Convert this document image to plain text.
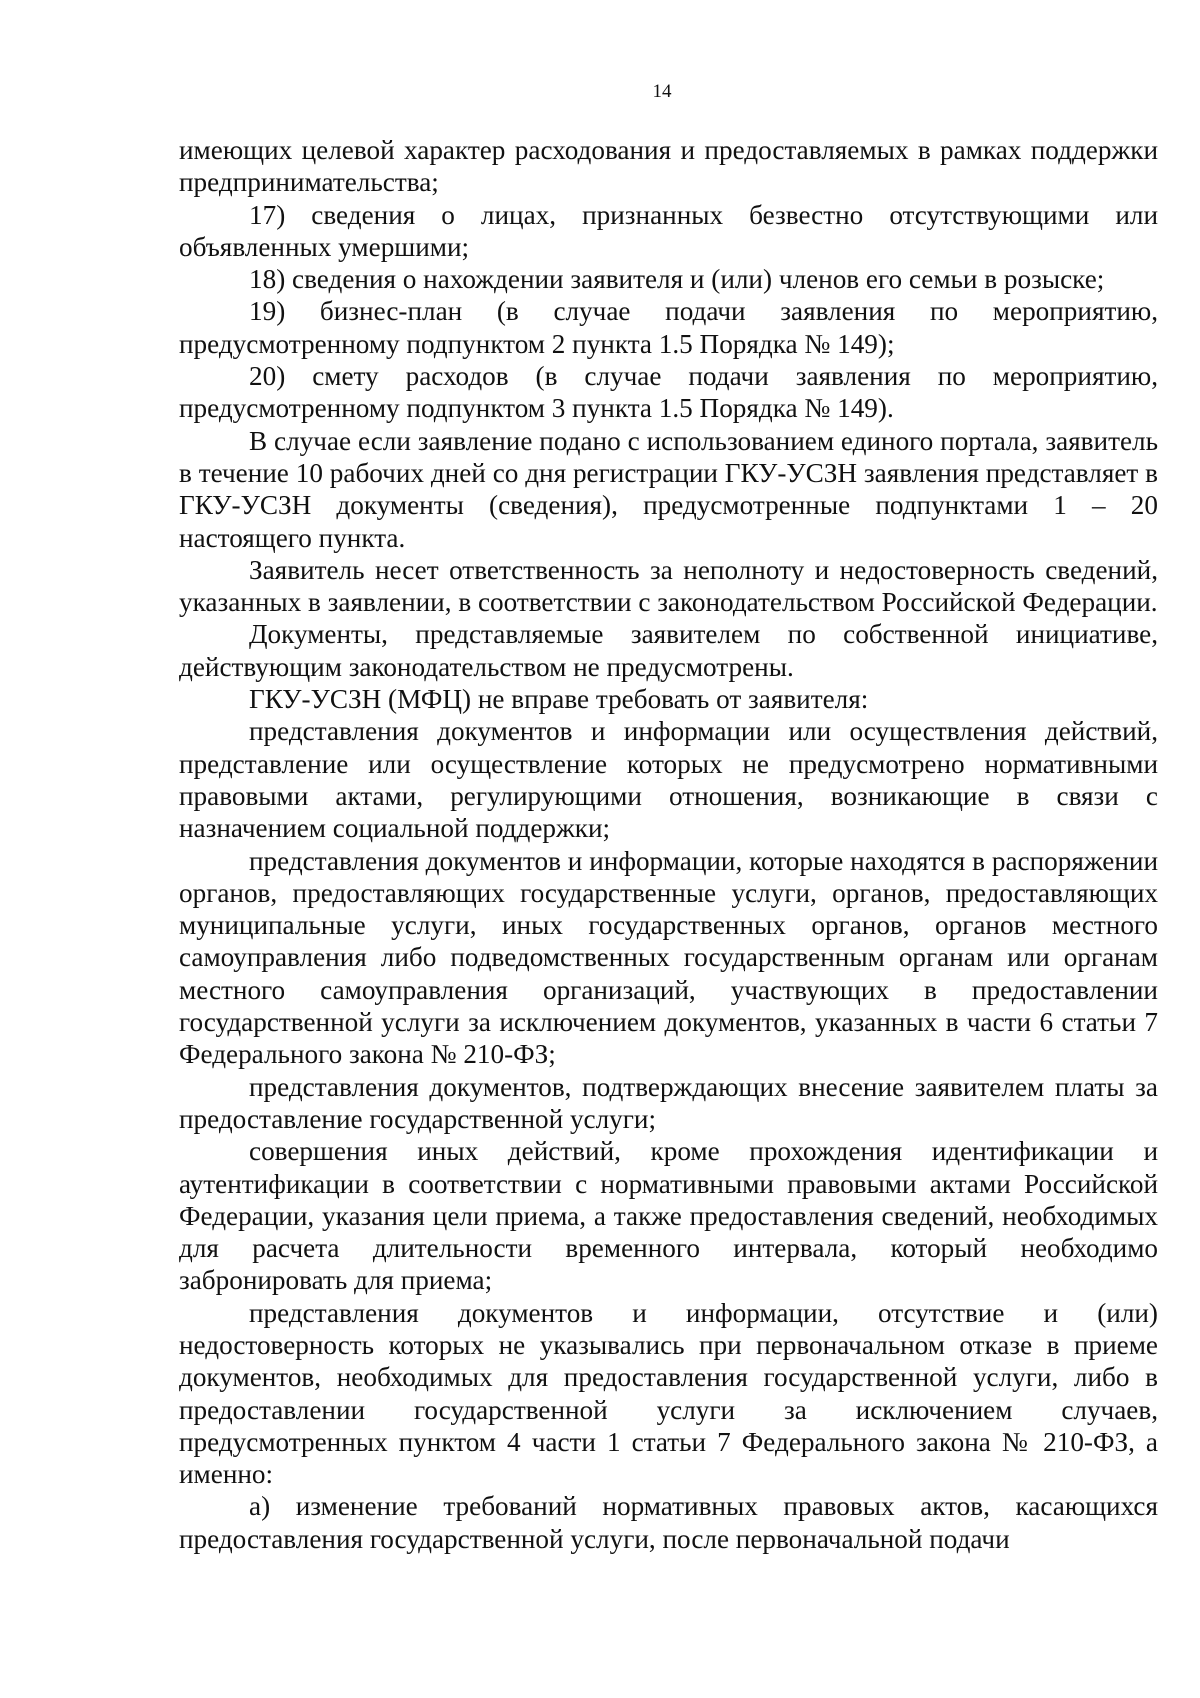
14

имеющих целевой характер расходования и предоставляемых в рамках поддержки предпринимательства;

17) сведения о лицах, признанных безвестно отсутствующими или объявленных умершими;

18) сведения о нахождении заявителя и (или) членов его семьи в розыске;

19) бизнес-план (в случае подачи заявления по мероприятию, предусмотренному подпунктом 2 пункта 1.5 Порядка № 149);

20) смету расходов (в случае подачи заявления по мероприятию, предусмотренному подпунктом 3 пункта 1.5 Порядка № 149).

В случае если заявление подано с использованием единого портала, заявитель в течение 10 рабочих дней со дня регистрации ГКУ-УСЗН заявления представляет в ГКУ-УСЗН документы (сведения), предусмотренные подпунктами 1 – 20 настоящего пункта.

Заявитель несет ответственность за неполноту и недостоверность сведений, указанных в заявлении, в соответствии с законодательством Российской Федерации.

Документы, представляемые заявителем по собственной инициативе, действующим законодательством не предусмотрены.

ГКУ-УСЗН (МФЦ) не вправе требовать от заявителя:

представления документов и информации или осуществления действий, представление или осуществление которых не предусмотрено нормативными правовыми актами, регулирующими отношения, возникающие в связи с назначением социальной поддержки;

представления документов и информации, которые находятся в распоряжении органов, предоставляющих государственные услуги, органов, предоставляющих муниципальные услуги, иных государственных органов, органов местного самоуправления либо подведомственных государственным органам или органам местного самоуправления организаций, участвующих в предоставлении государственной услуги за исключением документов, указанных в части 6 статьи 7 Федерального закона № 210-ФЗ;

представления документов, подтверждающих внесение заявителем платы за предоставление государственной услуги;

совершения иных действий, кроме прохождения идентификации и аутентификации в соответствии с нормативными правовыми актами Российской Федерации, указания цели приема, а также предоставления сведений, необходимых для расчета длительности временного интервала, который необходимо забронировать для приема;

представления документов и информации, отсутствие и (или) недостоверность которых не указывались при первоначальном отказе в приеме документов, необходимых для предоставления государственной услуги, либо в предоставлении государственной услуги за исключением случаев, предусмотренных пунктом 4 части 1 статьи 7 Федерального закона № 210-ФЗ, а именно:

а) изменение требований нормативных правовых актов, касающихся предоставления государственной услуги, после первоначальной подачи
